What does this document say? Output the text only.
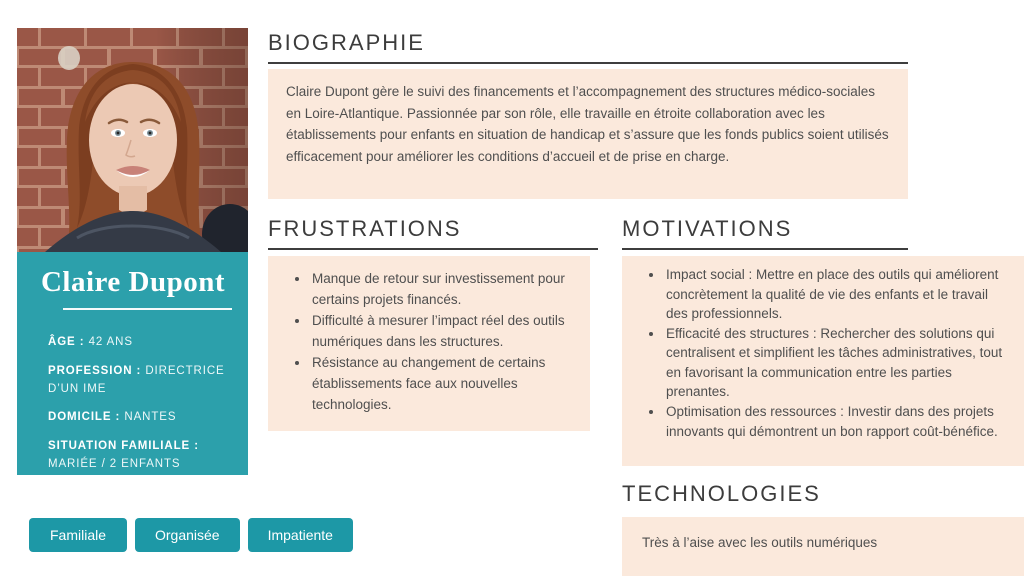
Claire Dupont
ÂGE : 42 ANS
PROFESSION : DIRECTRICE D’UN IME
DOMICILE : NANTES
SITUATION FAMILIALE : MARIÉE / 2 ENFANTS
Familiale	Organisée	Impatiente
BIOGRAPHIE

Claire Dupont gère le suivi des financements et l’accompagnement des structures médico-sociales en Loire-Atlantique. Passionnée par son rôle, elle travaille en étroite collaboration avec les établissements pour enfants en situation de handicap et s’assure que les fonds publics soient utilisés efficacement pour améliorer les conditions d’accueil et de prise en charge.

FRUSTRATIONS
• Manque de retour sur investissement pour certains projets financés.
• Difficulté à mesurer l’impact réel des outils numériques dans les structures.
• Résistance au changement de certains établissements face aux nouvelles technologies.
MOTIVATIONS
• Impact social : Mettre en place des outils qui améliorent concrètement la qualité de vie des enfants et le travail des professionnels.
• Efficacité des structures : Rechercher des solutions qui centralisent et simplifient les tâches administratives, tout en favorisant la communication entre les parties prenantes.
• Optimisation des ressources : Investir dans des projets innovants qui démontrent un bon rapport coût-bénéfice.
TECHNOLOGIES

Très à l’aise avec les outils numériques
